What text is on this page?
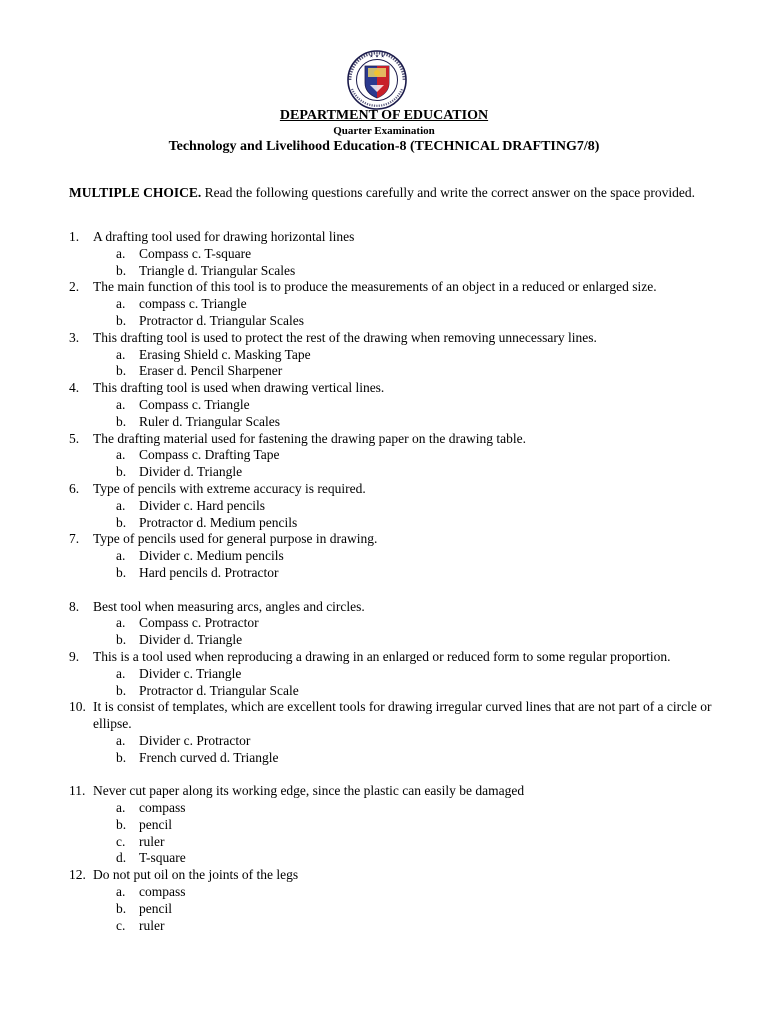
★ ★ ★
DEPARTMENT OF EDUCATION
Quarter Examination
Technology and Livelihood Education-8 (TECHNICAL DRAFTING7/8)
MULTIPLE CHOICE. Read the following questions carefully and write the correct answer on the space provided.
1.	A drafting tool used for drawing horizontal lines
a. Compass c. T-square
b. Triangle d. Triangular Scales
2.	The main function of this tool is to produce the measurements of an object in a reduced or enlarged size.
a. compass c. Triangle
b. Protractor d. Triangular Scales
3.	This drafting tool is used to protect the rest of the drawing when removing unnecessary lines.
a. Erasing Shield c. Masking Tape
b. Eraser d. Pencil Sharpener
4.	This drafting tool is used when drawing vertical lines.
a. Compass c. Triangle
b. Ruler d. Triangular Scales
5.	The drafting material used for fastening the drawing paper on the drawing table.
a. Compass c. Drafting Tape
b. Divider d. Triangle
6.	Type of pencils with extreme accuracy is required.
a. Divider c. Hard pencils
b. Protractor d. Medium pencils
7.	Type of pencils used for general purpose in drawing.
a. Divider c. Medium pencils
b. Hard pencils d. Protractor
8.	Best tool when measuring arcs, angles and circles.
a. Compass c. Protractor
b. Divider d. Triangle
9.	This is a tool used when reproducing a drawing in an enlarged or reduced form to some regular proportion.
a. Divider c. Triangle
b. Protractor d. Triangular Scale
10. It is consist of templates, which are excellent tools for drawing irregular curved lines that are not part of a circle or ellipse.
a. Divider c. Protractor
b. French curved d. Triangle
11. Never cut paper along its working edge, since the plastic can easily be damaged
a. compass
b. pencil
c. ruler
d. T-square
12. Do not put oil on the joints of the legs
a. compass
b. pencil
c. ruler
